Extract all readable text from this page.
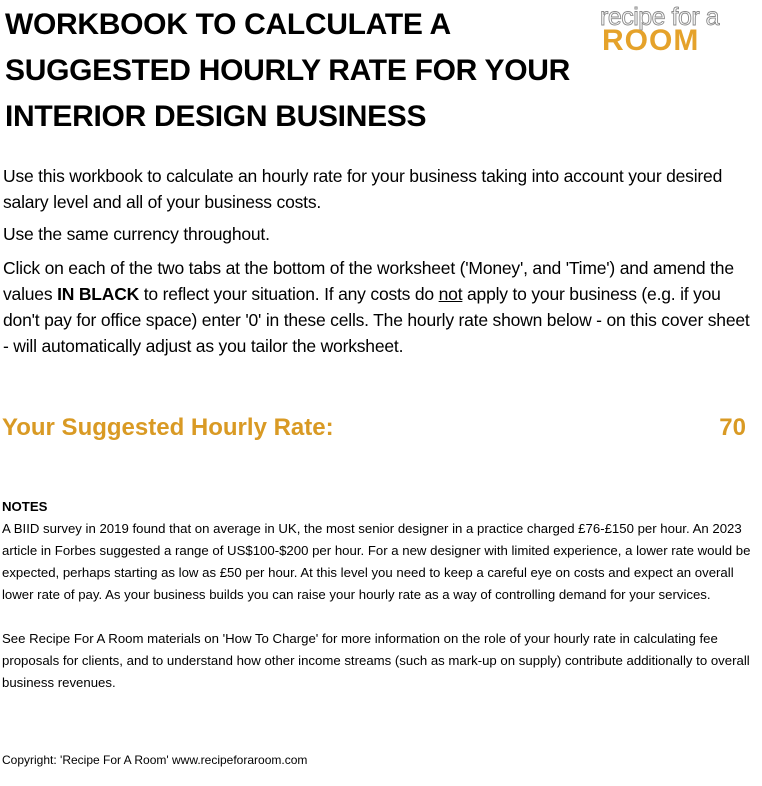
WORKBOOK TO CALCULATE A
SUGGESTED HOURLY RATE FOR YOUR
INTERIOR DESIGN BUSINESS
recipe for a
ROOM

Use this workbook to calculate an hourly rate for your business taking into account your desired salary level and all of your business costs.

Use the same currency throughout.

Click on each of the two tabs at the bottom of the worksheet ('Money', and 'Time') and amend the values IN BLACK to reflect your situation. If any costs do not apply to your business (e.g. if you don't pay for office space) enter '0' in these cells. The hourly rate shown below - on this cover sheet - will automatically adjust as you tailor the worksheet.

Your Suggested Hourly Rate:	70

NOTES

A BIID survey in 2019 found that on average in UK, the most senior designer in a practice charged £76-£150 per hour. An 2023 article in Forbes suggested a range of US$100-$200 per hour. For a new designer with limited experience, a lower rate would be expected, perhaps starting as low as £50 per hour. At this level you need to keep a careful eye on costs and expect an overall lower rate of pay. As your business builds you can raise your hourly rate as a way of controlling demand for your services.

See Recipe For A Room materials on 'How To Charge' for more information on the role of your hourly rate in calculating fee proposals for clients, and to understand how other income streams (such as mark-up on supply) contribute additionally to overall business revenues.

Copyright: 'Recipe For A Room' www.recipeforaroom.com
